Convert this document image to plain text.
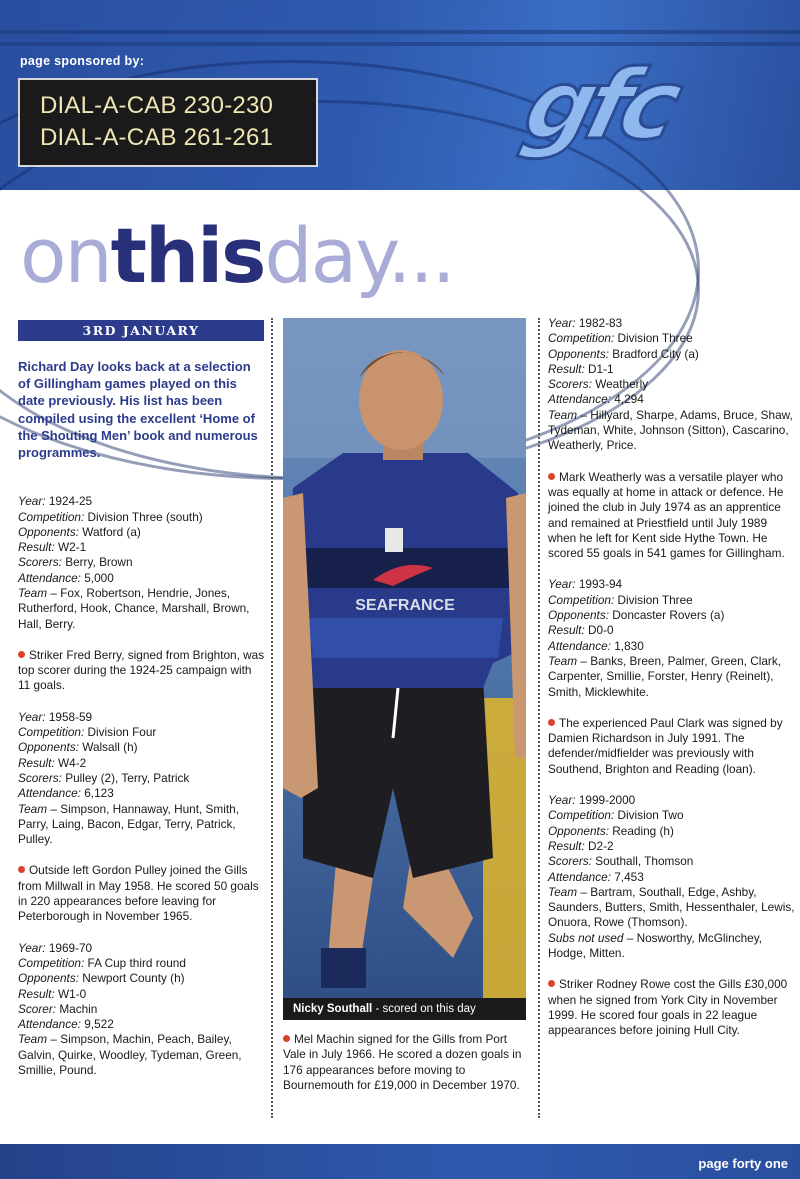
page sponsored by:
DIAL-A-CAB 230-230
DIAL-A-CAB 261-261	gfc
onthisday...
3RD JANUARY

Richard Day looks back at a selection of Gillingham games played on this date previously. His list has been compiled using the excellent ‘Home of the Shouting Men’ book and numerous programmes.

Year: 1924-25
Competition: Division Three (south)
Opponents: Watford (a)
Result: W2-1
Scorers: Berry, Brown
Attendance: 5,000
Team – Fox, Robertson, Hendrie, Jones, Rutherford, Hook, Chance, Marshall, Brown, Hall, Berry.

Striker Fred Berry, signed from Brighton, was top scorer during the 1924-25 campaign with 11 goals.

Year: 1958-59
Competition: Division Four
Opponents: Walsall (h)
Result: W4-2
Scorers: Pulley (2), Terry, Patrick
Attendance: 6,123
Team – Simpson, Hannaway, Hunt, Smith, Parry, Laing, Bacon, Edgar, Terry, Patrick, Pulley.

Outside left Gordon Pulley joined the Gills from Millwall in May 1958. He scored 50 goals in 220 appearances before leaving for Peterborough in November 1965.

Year: 1969-70
Competition: FA Cup third round
Opponents: Newport County (h)
Result: W1-0
Scorer: Machin
Attendance: 9,522
Team – Simpson, Machin, Peach, Bailey, Galvin, Quirke, Woodley, Tydeman, Green, Smillie, Pound.
SEAFRANCE
Nicky Southall - scored on this day
Mel Machin signed for the Gills from Port Vale in July 1966. He scored a dozen goals in 176 appearances before moving to Bournemouth for £19,000 in December 1970.
Year: 1982-83
Competition: Division Three
Opponents: Bradford City (a)
Result: D1-1
Scorers: Weatherly
Attendance: 4,294
Team – Hillyard, Sharpe, Adams, Bruce, Shaw, Tydeman, White, Johnson (Sitton), Cascarino, Weatherly, Price.

Mark Weatherly was a versatile player who was equally at home in attack or defence. He joined the club in July 1974 as an apprentice and remained at Priestfield until July 1989 when he left for Kent side Hythe Town. He scored 55 goals in 541 games for Gillingham.

Year: 1993-94
Competition: Division Three
Opponents: Doncaster Rovers (a)
Result: D0-0
Attendance: 1,830
Team – Banks, Breen, Palmer, Green, Clark, Carpenter, Smillie, Forster, Henry (Reinelt), Smith, Micklewhite.

The experienced Paul Clark was signed by Damien Richardson in July 1991. The defender/midfielder was previously with Southend, Brighton and Reading (loan).

Year: 1999-2000
Competition: Division Two
Opponents: Reading (h)
Result: D2-2
Scorers: Southall, Thomson
Attendance: 7,453
Team – Bartram, Southall, Edge, Ashby, Saunders, Butters, Smith, Hessenthaler, Lewis, Onuora, Rowe (Thomson).
Subs not used – Nosworthy, McGlinchey, Hodge, Mitten.

Striker Rodney Rowe cost the Gills £30,000 when he signed from York City in November 1999. He scored four goals in 22 league appearances before joining Hull City.

page forty one
